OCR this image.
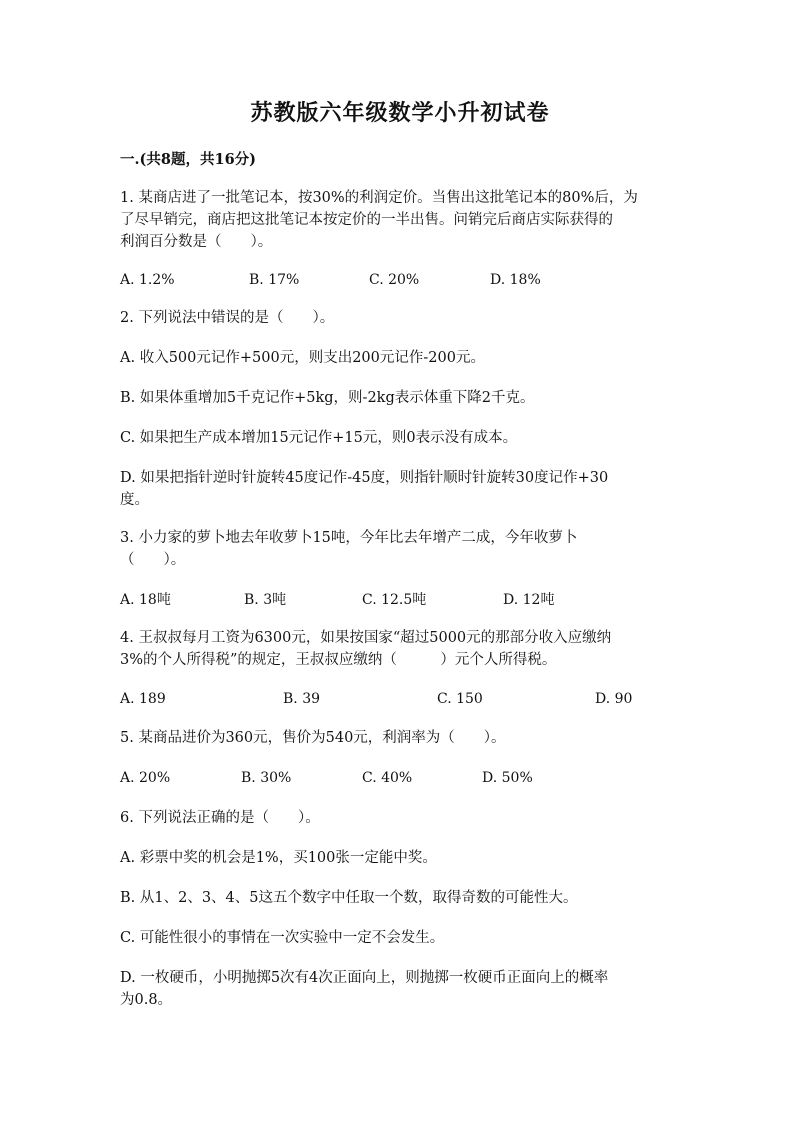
苏教版六年级数学小升初试卷
一.(共8题，共16分)
1. 某商店进了一批笔记本，按30%的利润定价。当售出这批笔记本的80%后，为
了尽早销完，商店把这批笔记本按定价的一半出售。问销完后商店实际获得的
利润百分数是（　　）。
A. 1.2%	B. 17%	C. 20%	D. 18%
2. 下列说法中错误的是（　　）。
A. 收入500元记作+500元，则支出200元记作-200元。
B. 如果体重增加5千克记作+5kg，则-2kg表示体重下降2千克。
C. 如果把生产成本增加15元记作+15元，则0表示没有成本。
D. 如果把指针逆时针旋转45度记作-45度，则指针顺时针旋转30度记作+30
度。
3. 小力家的萝卜地去年收萝卜15吨，今年比去年增产二成，今年收萝卜
（　　）。
A. 18吨	B. 3吨	C. 12.5吨	D. 12吨
4. 王叔叔每月工资为6300元，如果按国家“超过5000元的那部分收入应缴纳
3%的个人所得税”的规定，王叔叔应缴纳（　　　）元个人所得税。
A. 189	B. 39	C. 150	D. 90
5. 某商品进价为360元，售价为540元，利润率为（　　）。
A. 20%	B. 30%	C. 40%	D. 50%
6. 下列说法正确的是（　　）。
A. 彩票中奖的机会是1%，买100张一定能中奖。
B. 从1、2、3、4、5这五个数字中任取一个数，取得奇数的可能性大。
C. 可能性很小的事情在一次实验中一定不会发生。
D. 一枚硬币，小明抛掷5次有4次正面向上，则抛掷一枚硬币正面向上的概率
为0.8。
